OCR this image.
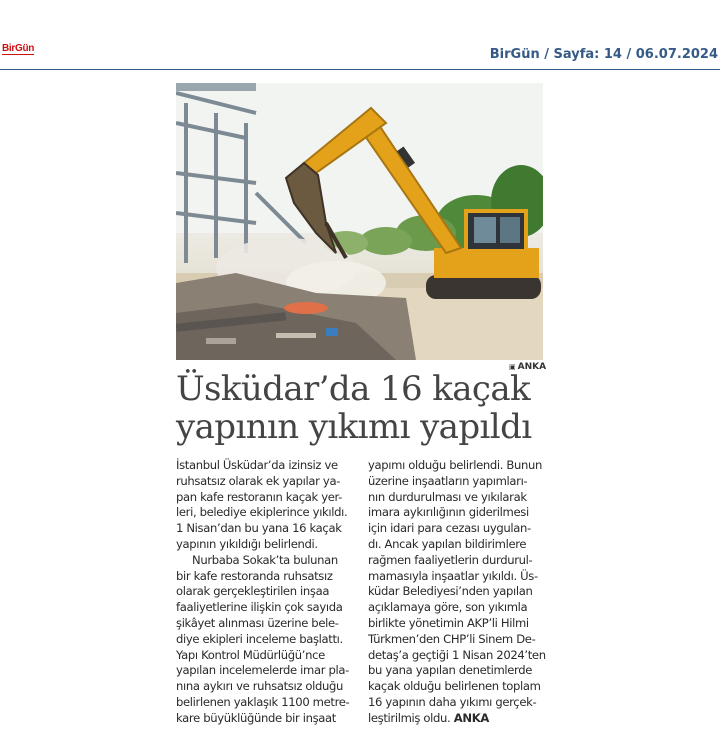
BirGün	BirGün / Sayfa: 14 / 06.07.2024
▣ ANKA
Üsküdar’da 16 kaçak
yapının yıkımı yapıldı
İstanbul Üsküdar’da izinsiz ve
ruhsatsız olarak ek yapılar ya-
pan kafe restoranın kaçak yer-
leri, belediye ekiplerince yıkıldı.
1 Nisan’dan bu yana 16 kaçak
yapının yıkıldığı belirlendi.
Nurbaba Sokak’ta bulunan
bir kafe restoranda ruhsatsız
olarak gerçekleştirilen inşaa
faaliyetlerine ilişkin çok sayıda
şikâyet alınması üzerine bele-
diye ekipleri inceleme başlattı.
Yapı Kontrol Müdürlüğü’nce
yapılan incelemelerde imar pla-
nına aykırı ve ruhsatsız olduğu
belirlenen yaklaşık 1100 metre-
kare büyüklüğünde bir inşaat
yapımı olduğu belirlendi. Bunun
üzerine inşaatların yapımları-
nın durdurulması ve yıkılarak
imara aykırılığının giderilmesi
için idari para cezası uygulan-
dı. Ancak yapılan bildirimlere
rağmen faaliyetlerin durdurul-
mamasıyla inşaatlar yıkıldı. Üs-
küdar Belediyesi’nden yapılan
açıklamaya göre, son yıkımla
birlikte yönetimin AKP’li Hilmi
Türkmen’den CHP’li Sinem De-
detaş’a geçtiği 1 Nisan 2024’ten
bu yana yapılan denetimlerde
kaçak olduğu belirlenen toplam
16 yapının daha yıkımı gerçek-
leştirilmiş oldu. ANKA
